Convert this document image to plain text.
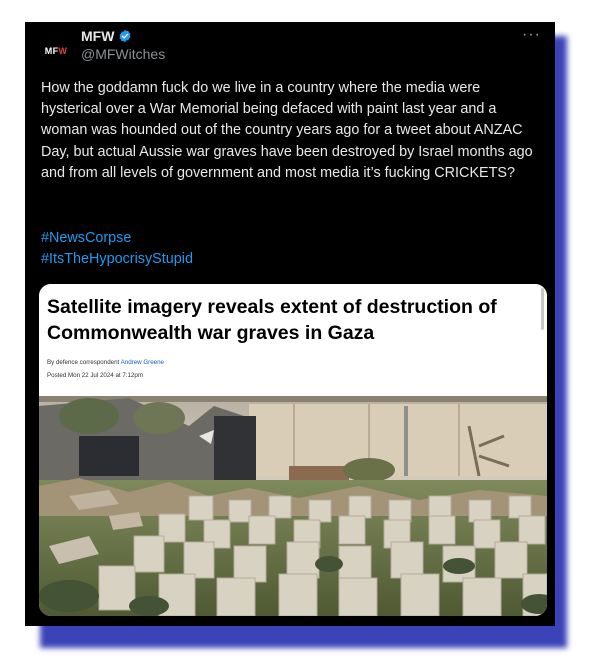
MFW
MFW
@MFWitches
···
How the goddamn fuck do we live in a country where the media were hysterical over a War Memorial being defaced with paint last year and a woman was hounded out of the country years ago for a tweet about ANZAC Day, but actual Aussie war graves have been destroyed by Israel months ago and from all levels of government and most media it’s fucking CRICKETS?
#NewsCorpse
#ItsTheHypocrisyStupid
Satellite imagery reveals extent of destruction of Commonwealth war graves in Gaza
By defence correspondent Andrew Greene
Posted Mon 22 Jul 2024 at 7:12pm
